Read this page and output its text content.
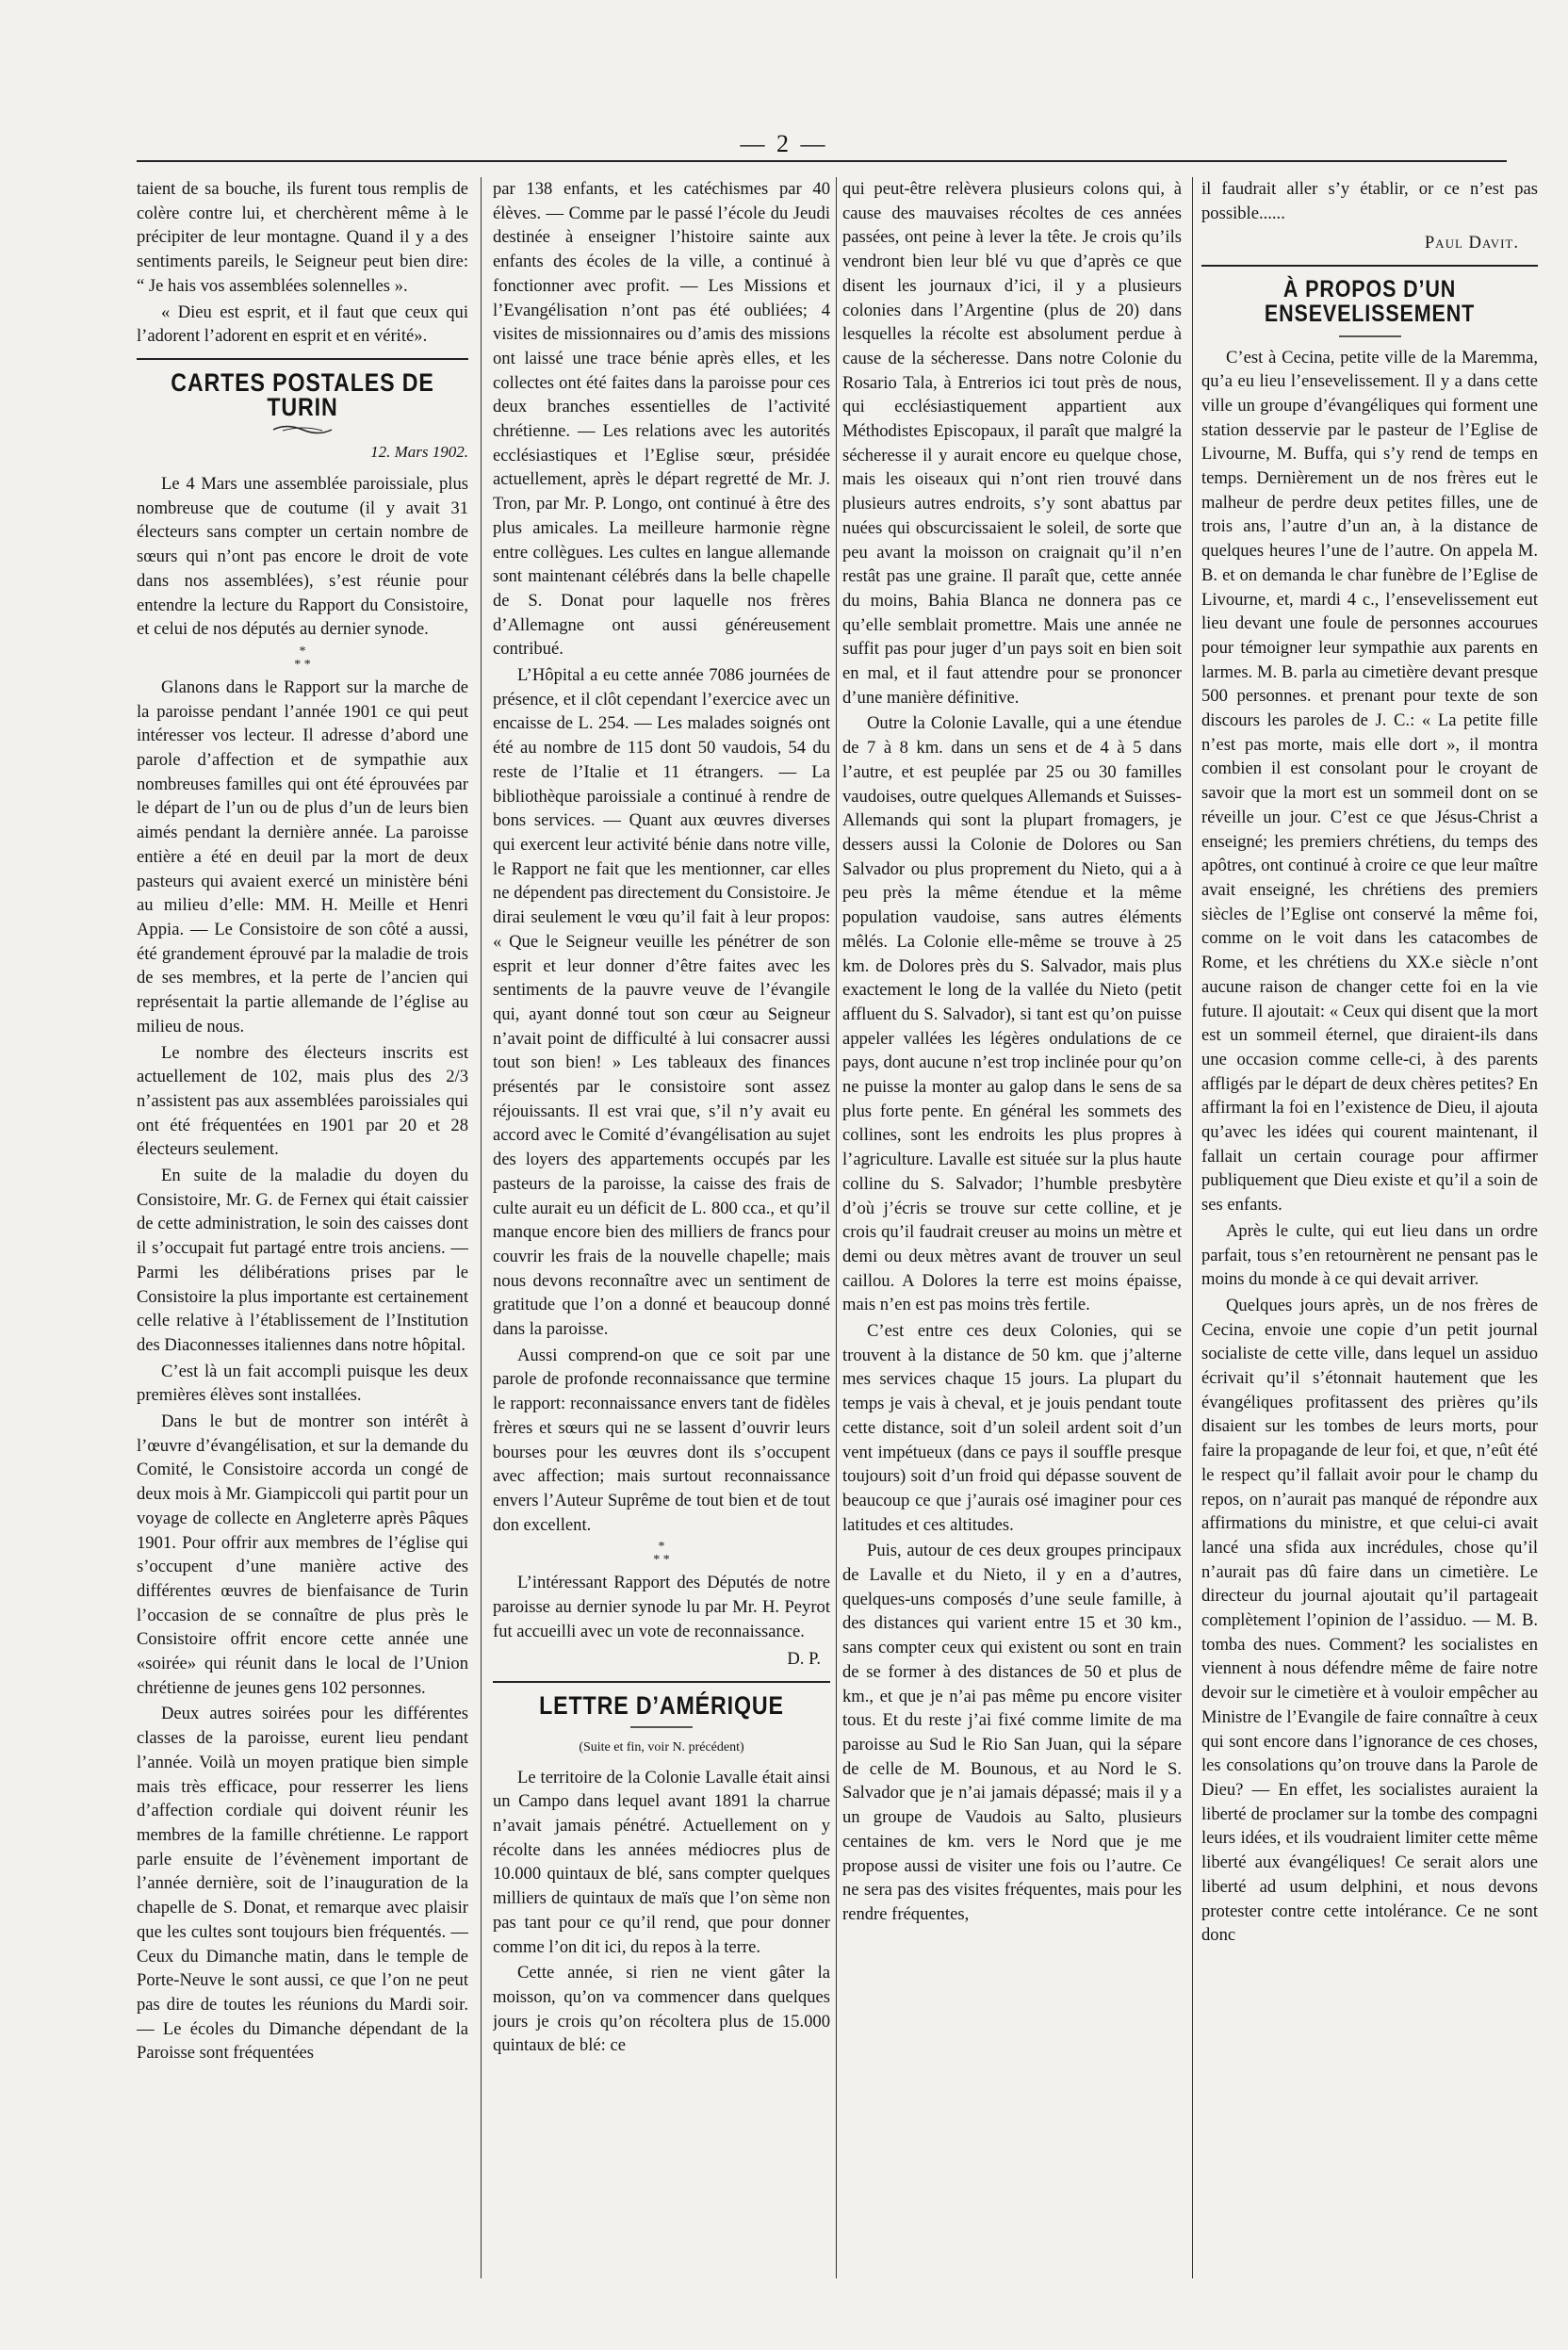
— 2 —

taient de sa bouche, ils furent tous remplis de colère contre lui, et cherchèrent même à le précipiter de leur montagne. Quand il y a des sentiments pareils, le Seigneur peut bien dire: “ Je hais vos assemblées solennelles ».

« Dieu est esprit, et il faut que ceux qui l’adorent l’adorent en esprit et en vérité».

CARTES POSTALES DE TURIN
12. Mars 1902.

Le 4 Mars une assemblée paroissiale, plus nombreuse que de coutume (il y avait 31 électeurs sans compter un certain nombre de sœurs qui n’ont pas encore le droit de vote dans nos assemblées), s’est réunie pour entendre la lecture du Rapport du Consistoire, et celui de nos députés au dernier synode.

*
* *

Glanons dans le Rapport sur la marche de la paroisse pendant l’année 1901 ce qui peut intéresser vos lecteur. Il adresse d’abord une parole d’affection et de sympathie aux nombreuses familles qui ont été éprouvées par le départ de l’un ou de plus d’un de leurs bien aimés pendant la dernière année. La paroisse entière a été en deuil par la mort de deux pasteurs qui avaient exercé un ministère béni au milieu d’elle: MM. H. Meille et Henri Appia. — Le Consistoire de son côté a aussi, été grandement éprouvé par la maladie de trois de ses membres, et la perte de l’ancien qui représentait la partie allemande de l’église au milieu de nous.

Le nombre des électeurs inscrits est actuellement de 102, mais plus des 2/3 n’assistent pas aux assemblées paroissiales qui ont été fréquentées en 1901 par 20 et 28 électeurs seulement.

En suite de la maladie du doyen du Consistoire, Mr. G. de Fernex qui était caissier de cette administration, le soin des caisses dont il s’occupait fut partagé entre trois anciens. — Parmi les délibérations prises par le Consistoire la plus importante est certainement celle relative à l’établissement de l’Institution des Diaconnesses italiennes dans notre hôpital.

C’est là un fait accompli puisque les deux premières élèves sont installées.

Dans le but de montrer son intérêt à l’œuvre d’évangélisation, et sur la demande du Comité, le Consistoire accorda un congé de deux mois à Mr. Giampiccoli qui partit pour un voyage de collecte en Angleterre après Pâques 1901. Pour offrir aux membres de l’église qui s’occupent d’une manière active des différentes œuvres de bienfaisance de Turin l’occasion de se connaître de plus près le Consistoire offrit encore cette année une «soirée» qui réunit dans le local de l’Union chrétienne de jeunes gens 102 personnes.

Deux autres soirées pour les différentes classes de la paroisse, eurent lieu pendant l’année. Voilà un moyen pratique bien simple mais très efficace, pour resserrer les liens d’affection cordiale qui doivent réunir les membres de la famille chrétienne. Le rapport parle ensuite de l’évènement important de l’année dernière, soit de l’inauguration de la chapelle de S. Donat, et remarque avec plaisir que les cultes sont toujours bien fréquentés. — Ceux du Dimanche matin, dans le temple de Porte-Neuve le sont aussi, ce que l’on ne peut pas dire de toutes les réunions du Mardi soir. — Le écoles du Dimanche dépendant de la Paroisse sont fréquentées

par 138 enfants, et les catéchismes par 40 élèves. — Comme par le passé l’école du Jeudi destinée à enseigner l’histoire sainte aux enfants des écoles de la ville, a continué à fonctionner avec profit. — Les Missions et l’Evangélisation n’ont pas été oubliées; 4 visites de missionnaires ou d’amis des missions ont laissé une trace bénie après elles, et les collectes ont été faites dans la paroisse pour ces deux branches essentielles de l’activité chrétienne. — Les relations avec les autorités ecclésiastiques et l’Eglise sœur, présidée actuellement, après le départ regretté de Mr. J. Tron, par Mr. P. Longo, ont continué à être des plus amicales. La meilleure harmonie règne entre collègues. Les cultes en langue allemande sont maintenant célébrés dans la belle chapelle de S. Donat pour laquelle nos frères d’Allemagne ont aussi généreusement contribué.

L’Hôpital a eu cette année 7086 journées de présence, et il clôt cependant l’exercice avec un encaisse de L. 254. — Les malades soignés ont été au nombre de 115 dont 50 vaudois, 54 du reste de l’Italie et 11 étrangers. — La bibliothèque paroissiale a continué à rendre de bons services. — Quant aux œuvres diverses qui exercent leur activité bénie dans notre ville, le Rapport ne fait que les mentionner, car elles ne dépendent pas directement du Consistoire. Je dirai seulement le vœu qu’il fait à leur propos: « Que le Seigneur veuille les pénétrer de son esprit et leur donner d’être faites avec les sentiments de la pauvre veuve de l’évangile qui, ayant donné tout son cœur au Seigneur n’avait point de difficulté à lui consacrer aussi tout son bien! » Les tableaux des finances présentés par le consistoire sont assez réjouissants. Il est vrai que, s’il n’y avait eu accord avec le Comité d’évangélisation au sujet des loyers des appartements occupés par les pasteurs de la paroisse, la caisse des frais de culte aurait eu un déficit de L. 800 cca., et qu’il manque encore bien des milliers de francs pour couvrir les frais de la nouvelle chapelle; mais nous devons reconnaître avec un sentiment de gratitude que l’on a donné et beaucoup donné dans la paroisse.

Aussi comprend-on que ce soit par une parole de profonde reconnaissance que termine le rapport: reconnaissance envers tant de fidèles frères et sœurs qui ne se lassent d’ouvrir leurs bourses pour les œuvres dont ils s’occupent avec affection; mais surtout reconnaissance envers l’Auteur Suprême de tout bien et de tout don excellent.

*
* *

L’intéressant Rapport des Députés de notre paroisse au dernier synode lu par Mr. H. Peyrot fut accueilli avec un vote de reconnaissance.

D. P.
LETTRE D’AMÉRIQUE
(Suite et fin, voir N. précédent)

Le territoire de la Colonie Lavalle était ainsi un Campo dans lequel avant 1891 la charrue n’avait jamais pénétré. Actuellement on y récolte dans les années médiocres plus de 10.000 quintaux de blé, sans compter quelques milliers de quintaux de maïs que l’on sème non pas tant pour ce qu’il rend, que pour donner comme l’on dit ici, du repos à la terre.

Cette année, si rien ne vient gâter la moisson, qu’on va commencer dans quelques jours je crois qu’on récoltera plus de 15.000 quintaux de blé: ce

qui peut-être relèvera plusieurs colons qui, à cause des mauvaises récoltes de ces années passées, ont peine à lever la tête. Je crois qu’ils vendront bien leur blé vu que d’après ce que disent les journaux d’ici, il y a plusieurs colonies dans l’Argentine (plus de 20) dans lesquelles la récolte est absolument perdue à cause de la sécheresse. Dans notre Colonie du Rosario Tala, à Entrerios ici tout près de nous, qui ecclésiastiquement appartient aux Méthodistes Episcopaux, il paraît que malgré la sécheresse il y aurait encore eu quelque chose, mais les oiseaux qui n’ont rien trouvé dans plusieurs autres endroits, s’y sont abattus par nuées qui obscurcissaient le soleil, de sorte que peu avant la moisson on craignait qu’il n’en restât pas une graine. Il paraît que, cette année du moins, Bahia Blanca ne donnera pas ce qu’elle semblait promettre. Mais une année ne suffit pas pour juger d’un pays soit en bien soit en mal, et il faut attendre pour se prononcer d’une manière définitive.

Outre la Colonie Lavalle, qui a une étendue de 7 à 8 km. dans un sens et de 4 à 5 dans l’autre, et est peuplée par 25 ou 30 familles vaudoises, outre quelques Allemands et Suisses-Allemands qui sont la plupart fromagers, je dessers aussi la Colonie de Dolores ou San Salvador ou plus proprement du Nieto, qui a à peu près la même étendue et la même population vaudoise, sans autres éléments mêlés. La Colonie elle-même se trouve à 25 km. de Dolores près du S. Salvador, mais plus exactement le long de la vallée du Nieto (petit affluent du S. Salvador), si tant est qu’on puisse appeler vallées les légères ondulations de ce pays, dont aucune n’est trop inclinée pour qu’on ne puisse la monter au galop dans le sens de sa plus forte pente. En général les sommets des collines, sont les endroits les plus propres à l’agriculture. Lavalle est située sur la plus haute colline du S. Salvador; l’humble presbytère d’où j’écris se trouve sur cette colline, et je crois qu’il faudrait creuser au moins un mètre et demi ou deux mètres avant de trouver un seul caillou. A Dolores la terre est moins épaisse, mais n’en est pas moins très fertile.

C’est entre ces deux Colonies, qui se trouvent à la distance de 50 km. que j’alterne mes services chaque 15 jours. La plupart du temps je vais à cheval, et je jouis pendant toute cette distance, soit d’un soleil ardent soit d’un vent impétueux (dans ce pays il souffle presque toujours) soit d’un froid qui dépasse souvent de beaucoup ce que j’aurais osé imaginer pour ces latitudes et ces altitudes.

Puis, autour de ces deux groupes principaux de Lavalle et du Nieto, il y en a d’autres, quelques-uns composés d’une seule famille, à des distances qui varient entre 15 et 30 km., sans compter ceux qui existent ou sont en train de se former à des distances de 50 et plus de km., et que je n’ai pas même pu encore visiter tous. Et du reste j’ai fixé comme limite de ma paroisse au Sud le Rio San Juan, qui la sépare de celle de M. Bounous, et au Nord le S. Salvador que je n’ai jamais dépassé; mais il y a un groupe de Vaudois au Salto, plusieurs centaines de km. vers le Nord que je me propose aussi de visiter une fois ou l’autre. Ce ne sera pas des visites fréquentes, mais pour les rendre fréquentes,

il faudrait aller s’y établir, or ce n’est pas possible......

Paul Davit.
À PROPOS D’UN ENSEVELISSEMENT

C’est à Cecina, petite ville de la Maremma, qu’a eu lieu l’ensevelissement. Il y a dans cette ville un groupe d’évangéliques qui forment une station desservie par le pasteur de l’Eglise de Livourne, M. Buffa, qui s’y rend de temps en temps. Dernièrement un de nos frères eut le malheur de perdre deux petites filles, une de trois ans, l’autre d’un an, à la distance de quelques heures l’une de l’autre. On appela M. B. et on demanda le char funèbre de l’Eglise de Livourne, et, mardi 4 c., l’ensevelissement eut lieu devant une foule de personnes accourues pour témoigner leur sympathie aux parents en larmes. M. B. parla au cimetière devant presque 500 personnes. et prenant pour texte de son discours les paroles de J. C.: « La petite fille n’est pas morte, mais elle dort », il montra combien il est consolant pour le croyant de savoir que la mort est un sommeil dont on se réveille un jour. C’est ce que Jésus-Christ a enseigné; les premiers chrétiens, du temps des apôtres, ont continué à croire ce que leur maître avait enseigné, les chrétiens des premiers siècles de l’Eglise ont conservé la même foi, comme on le voit dans les catacombes de Rome, et les chrétiens du XX.e siècle n’ont aucune raison de changer cette foi en la vie future. Il ajoutait: « Ceux qui disent que la mort est un sommeil éternel, que diraient-ils dans une occasion comme celle-ci, à des parents affligés par le départ de deux chères petites? En affirmant la foi en l’existence de Dieu, il ajouta qu’avec les idées qui courent maintenant, il fallait un certain courage pour affirmer publiquement que Dieu existe et qu’il a soin de ses enfants.

Après le culte, qui eut lieu dans un ordre parfait, tous s’en retournèrent ne pensant pas le moins du monde à ce qui devait arriver.

Quelques jours après, un de nos frères de Cecina, envoie une copie d’un petit journal socialiste de cette ville, dans lequel un assiduo écrivait qu’il s’étonnait hautement que les évangéliques profitassent des prières qu’ils disaient sur les tombes de leurs morts, pour faire la propagande de leur foi, et que, n’eût été le respect qu’il fallait avoir pour le champ du repos, on n’aurait pas manqué de répondre aux affirmations du ministre, et que celui-ci avait lancé una sfida aux incrédules, chose qu’il n’aurait pas dû faire dans un cimetière. Le directeur du journal ajoutait qu’il partageait complètement l’opinion de l’assiduo. — M. B. tomba des nues. Comment? les socialistes en viennent à nous défendre même de faire notre devoir sur le cimetière et à vouloir empêcher au Ministre de l’Evangile de faire connaître à ceux qui sont encore dans l’ignorance de ces choses, les consolations qu’on trouve dans la Parole de Dieu? — En effet, les socialistes auraient la liberté de proclamer sur la tombe des compagni leurs idées, et ils voudraient limiter cette même liberté aux évangéliques! Ce serait alors une liberté ad usum delphini, et nous devons protester contre cette intolérance. Ce ne sont donc
